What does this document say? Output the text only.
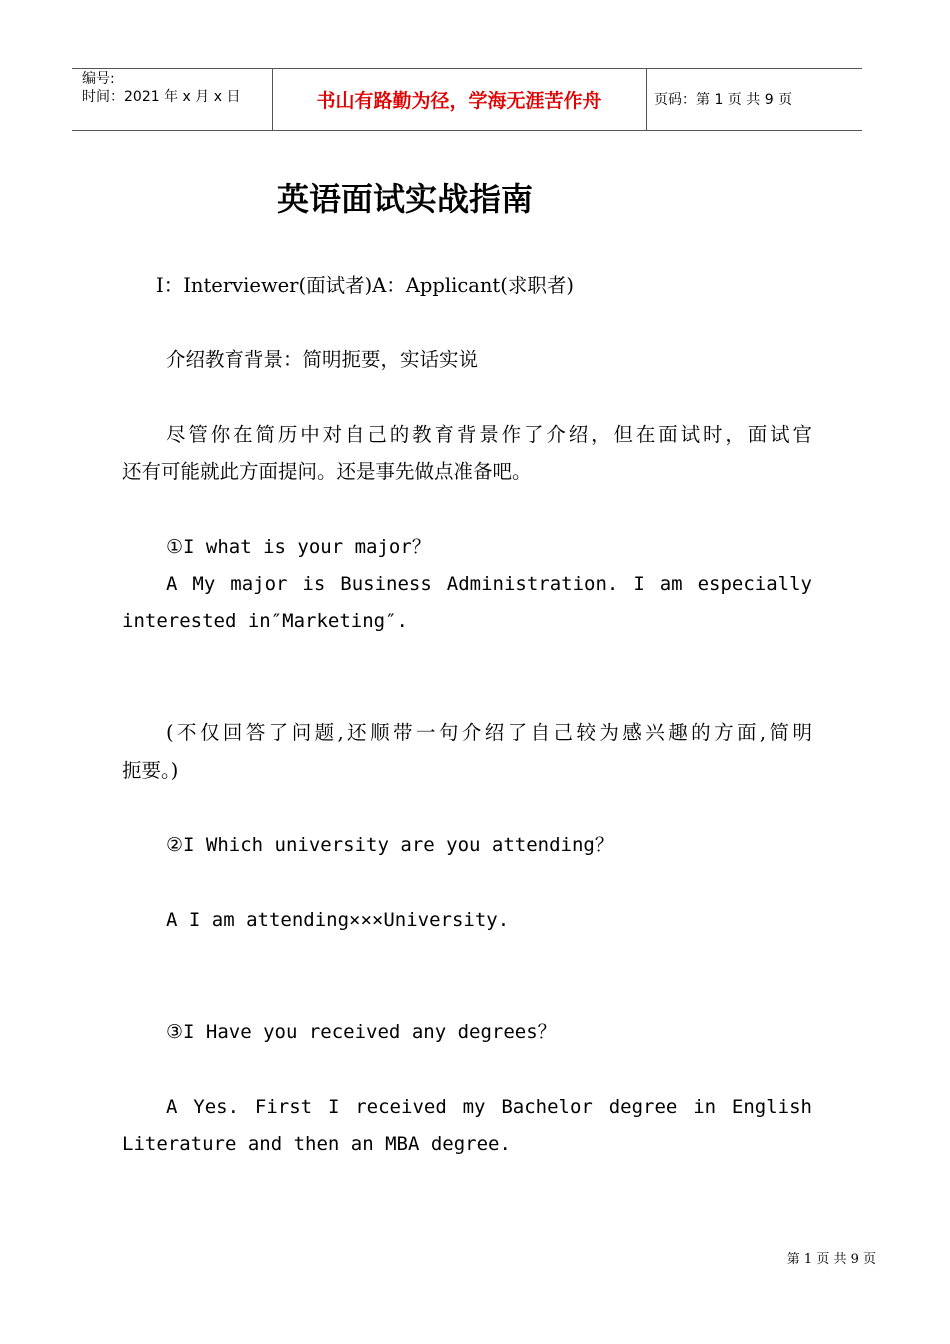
编号:
时间：2021 年 x 月 x 日	书山有路勤为径，学海无涯苦作舟	页码：第 1 页 共 9 页
英语面试实战指南
I：Interviewer(面试者)A：Applicant(求职者)
介绍教育背景：简明扼要，实话实说
尽管你在简历中对自己的教育背景作了介绍，但在面试时，面试官
还有可能就此方面提问。还是事先做点准备吧。
①I what is your major？
A My major is Business Administration. I am especially
interested in″Marketing″.
(不仅回答了问题,还顺带一句介绍了自己较为感兴趣的方面,简明
扼要。)
②I Which university are you attending？
A I am attending×××University.
③I Have you received any degrees？
A Yes. First I received my Bachelor degree in English
Literature and then an MBA degree.
第 1 页 共 9 页
